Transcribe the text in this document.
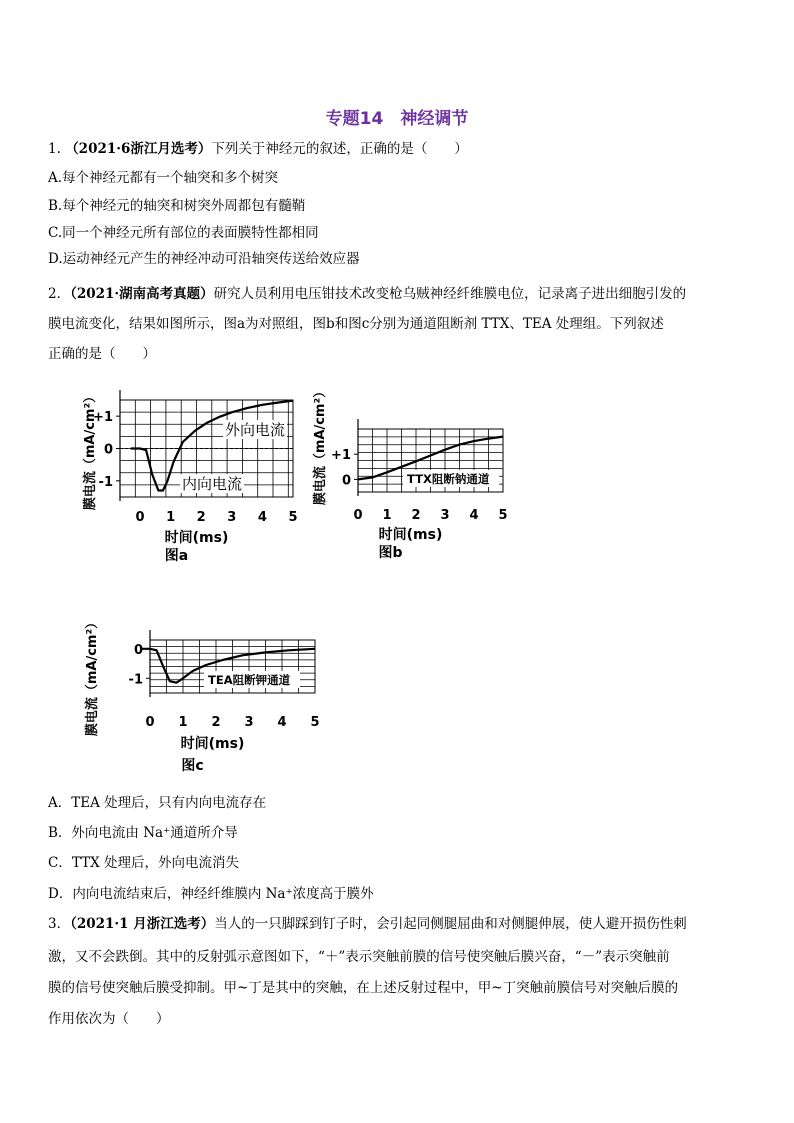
专题14　神经调节
1. （2021·6浙江月选考）下列关于神经元的叙述，正确的是（　　）
A.每个神经元都有一个轴突和多个树突
B.每个神经元的轴突和树突外周都包有髓鞘
C.同一个神经元所有部位的表面膜特性都相同
D.运动神经元产生的神经冲动可沿轴突传送给效应器
2．（2021·湖南高考真题）研究人员利用电压钳技术改变枪乌贼神经纤维膜电位，记录离子进出细胞引发的
膜电流变化，结果如图所示，图a为对照组，图b和图c分别为通道阻断剂 TTX、TEA 处理组。下列叙述
正确的是（　　）
+1
0
-1
0 1 2 3 4 5
外向电流
内向电流
时间(ms)
膜电流（mA/cm²）
图a
+1
0
0 1 2 3 4 5
TTX阻断钠通道
时间(ms)
膜电流（mA/cm²）
图b
0
-1
0 1 2 3 4 5
TEA阻断钾通道
时间(ms)
膜电流（mA/cm²）
图c
A．TEA 处理后，只有内向电流存在
B．外向电流由 Na⁺通道所介导
C．TTX 处理后，外向电流消失
D．内向电流结束后，神经纤维膜内 Na⁺浓度高于膜外
3．（2021·1 月浙江选考）当人的一只脚踩到钉子时，会引起同侧腿屈曲和对侧腿伸展，使人避开损伤性刺
激，又不会跌倒。其中的反射弧示意图如下，“＋”表示突触前膜的信号使突触后膜兴奋，“－”表示突触前
膜的信号使突触后膜受抑制。甲~丁是其中的突触，在上述反射过程中，甲~丁突触前膜信号对突触后膜的
作用依次为（　　）
